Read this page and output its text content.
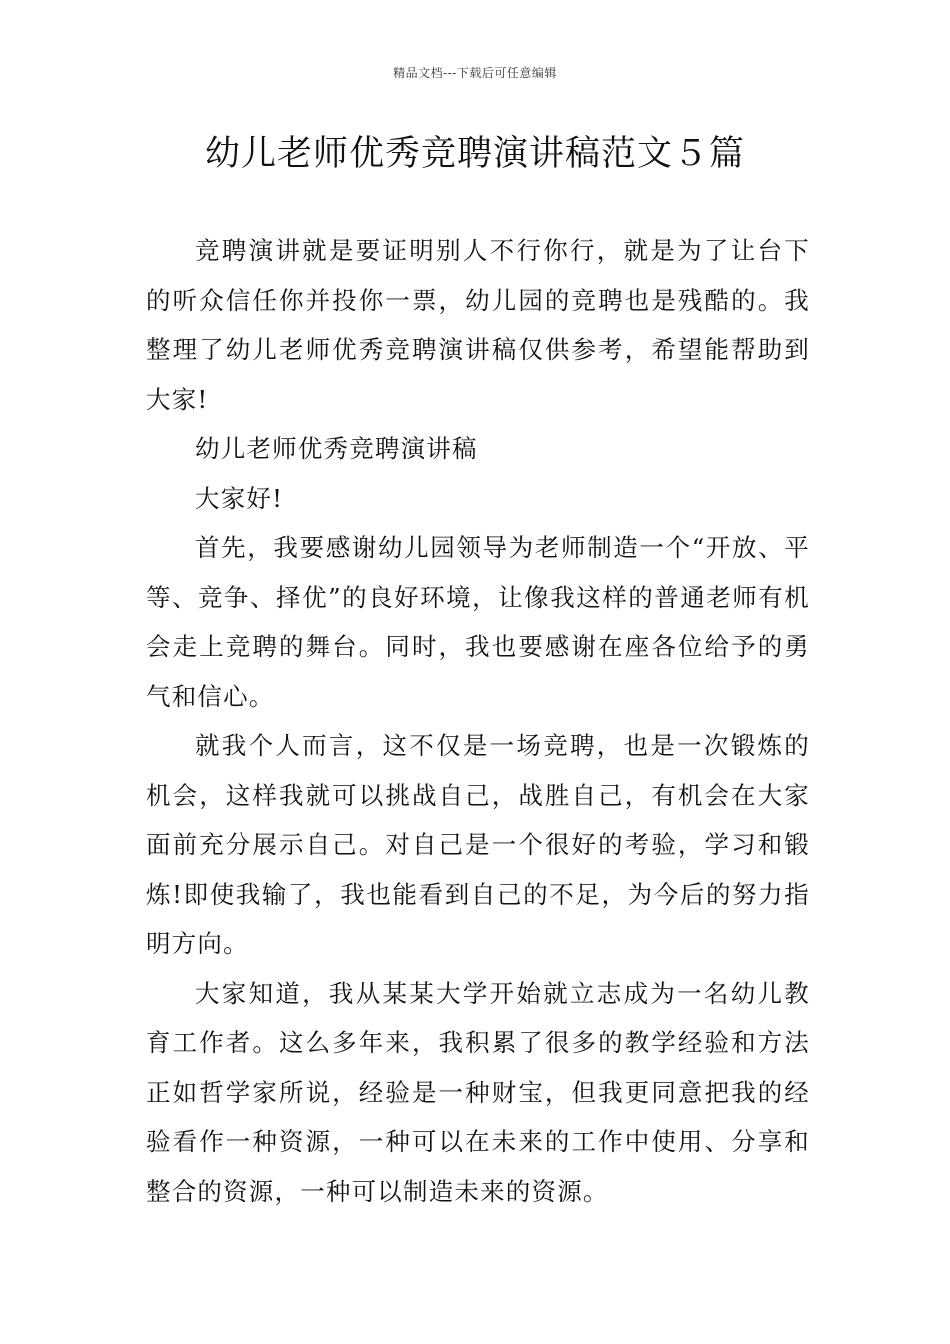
精品文档---下载后可任意编辑
幼儿老师优秀竞聘演讲稿范文５篇

竞聘演讲就是要证明别人不行你行，就是为了让台下的听众信任你并投你一票，幼儿园的竞聘也是残酷的。我整理了幼儿老师优秀竞聘演讲稿仅供参考，希望能帮助到大家!

幼儿老师优秀竞聘演讲稿

大家好!

首先，我要感谢幼儿园领导为老师制造一个“开放、平等、竞争、择优”的良好环境，让像我这样的普通老师有机会走上竞聘的舞台。同时，我也要感谢在座各位给予的勇气和信心。

就我个人而言，这不仅是一场竞聘，也是一次锻炼的机会，这样我就可以挑战自己，战胜自己，有机会在大家面前充分展示自己。对自己是一个很好的考验，学习和锻炼!即使我输了，我也能看到自己的不足，为今后的努力指明方向。

大家知道，我从某某大学开始就立志成为一名幼儿教育工作者。这么多年来，我积累了很多的教学经验和方法正如哲学家所说，经验是一种财宝，但我更同意把我的经验看作一种资源，一种可以在未来的工作中使用、分享和整合的资源，一种可以制造未来的资源。
